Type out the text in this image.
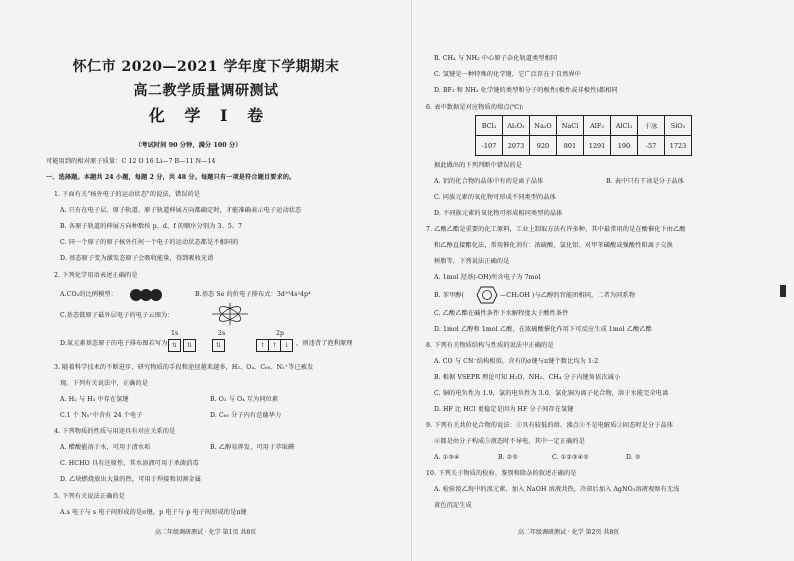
怀仁市 2020—2021 学年度下学期期末
高二教学质量调研测试
化 学 I 卷
（考试时间 90 分钟，满分 100 分）
可能用到的相对原子质量：C 12 O 16 Li—7 B—11 N—14
一、选择题。本题共 24 小题，每题 2 分，共 48 分。每题只有一项是符合题目要求的。
1. 下面有关"核外电子的运动状态"的说法，错误的是
A. 只有在电子层、原子轨道、原子轨道伸展方向都确定时，才能准确表示电子运动状态
B. 各原子轨道的伸展方向种数按 p、d、f 的顺序分别为 3、5、7
C. 同一个原子的原子核外任何一个电子的运动状态都是不相同的
D. 基态原子变为激发态原子会吸收能量，得到吸收光谱
2. 下列化学用语表述正确的是
A.CO₂的比例模型：	B.基态 Se 的价电子排布式：3d¹⁰4s²4p⁴
C.基态铍原子最外层电子的电子云图为：
1s	2s	2p
D.氮元素基态原子的电子排布图若写为：
⇅	⇅	⇅	↑	↑	↓	，则违背了泡利原理
3. 随着科学技术的不断进步，研究物质的手段和途径越来越多，H₃、O₄、C₆₀、N₅⁺等已被发
现。下列有关说法中，正确的是
A. H₂ 与 H₃ 中存在氢键	B. O₂ 与 O₄ 互为同位素
C.1 个 N₅⁺中含有 24 个电子	D. C₆₀ 分子内有范德华力
4. 下列物质的性质与用途具有对应关系的是
A. 醋酸能溶于水，可用于清水垢	B. 乙醇易挥发，可用于萃取碘
C. HCHO 具有还原性，其水溶液可用于杀菌消毒
D. 乙炔燃烧放出大量的热，可用于焊接和切割金属
5. 下列有关说法正确的是
A.s 电子与 s 电子间形成的是σ键，p 电子与 p 电子间形成的是π键
高二年级调研测试 · 化学 第1页 共8页
B. CH₄ 与 NH₃ 中心原子杂化轨道类型相同
C. 氢键是一种特殊的化学键，它广泛存在于自然界中
D. BF₃ 和 NH₃ 化学键的类型和分子的极性(极性或非极性)都相同
6. 表中数据是对应物质的熔点(℃):
BCl₃	Al₂O₃	Na₂O	NaCl	AlF₃	AlCl₃	干冰	SiO₂
-107	2073	920	801	1291	190	-57	1723
据此做出的下列判断中错误的是
A. 铝的化合物的晶体中有的是离子晶体	B. 表中只有干冰是分子晶体
C. 同族元素的氧化物可形成不同类型的晶体
D. 不同族元素的氧化物可形成相同类型的晶体
7. 乙酸乙酯是重要的化工原料，工业上制取方法有许多种，其中最常用的是在酸催化下由乙酸
和乙醇直接酯化法，常用催化剂有：浓硫酸、氯化铝、对甲苯磺酸或强酸性阳离子交换
树脂等，下列说法正确的是
A. 1mol 羟基(-OH)所含电子为 7mol
B. 苯甲醇(	—CH₂OH )与乙醇的官能团相同，二者为同系物
C. 乙酸乙酯在碱性条件下水解程度大于酸性条件
D. 1mol 乙醇和 1mol 乙酸，在浓硫酸催化作用下可反应生成 1mol 乙酸乙酯
8. 下列有关物质结构与性质的说法中正确的是
A. CO 与 CN⁻结构相似，含有的σ键与π键个数比均为 1:2
B. 根据 VSEPR 理论可知 H₂O、NH₃、CH₄ 分子内键角依次减小
C. 铜的电负性为 1.9，氯的电负性为 3.0，氯化铜为离子化合物，溶于水能完全电离
D. HF 比 HCl 更稳定是因为 HF 分子间存在氢键
9. 下列有关共价化合物的说法：①具有较低的熔、沸点②不是电解质③固态时是分子晶体
④都是由分子构成⑤液态时不导电，其中一定正确的是
A. ①③④	B. ②⑤	C. ①②③④⑤	D. ⑤
10. 下列关于物质的检验、鉴别和除杂的叙述正确的是
A. 检验溴乙烷中的溴元素，加入 NaOH 溶液共热，冷却后加入 AgNO₃溶液观察有无浅
黄色沉淀生成
高二年级调研测试 · 化学 第2页 共8页
